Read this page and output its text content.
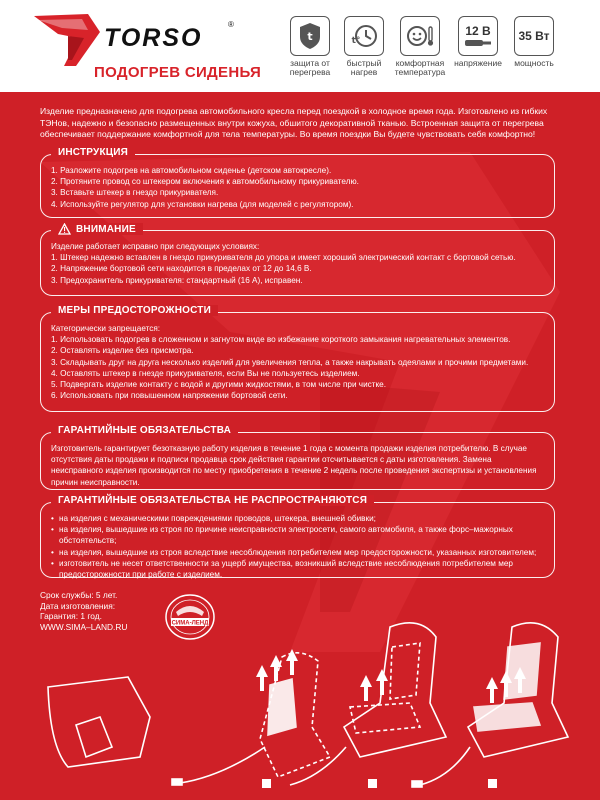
TORSO	®
ПОДОГРЕВ СИДЕНЬЯ
t
защита от перегрева
t°
быстрый нагрев
комфортная температура
12 В
напряжение
35 Вт
мощность
Изделие предназначено для подогрева автомобильного кресла перед поездкой в холодное время года. Изготовлено из гибких ТЭНов, надежно и безопасно размещенных внутри кожуха, обшитого декоративной тканью. Встроенная защита от перегрева обеспечивает поддержание комфортной для тела температуры. Во время поездки Вы будете чувствовать себя комфортно!
ИНСТРУКЦИЯ

1. Разложите подогрев на автомобильном сиденье (детском автокресле).

2. Протяните провод со штекером включения к автомобильному прикуривателю.

3. Вставьте штекер в гнездо прикуривателя.

4. Используйте регулятор для установки нагрева (для моделей с регулятором).

ВНИМАНИЕ

Изделие работает исправно при следующих условиях:

1. Штекер надежно вставлен в гнездо прикуривателя до упора и имеет хороший электрический контакт с бортовой сетью.

2. Напряжение бортовой сети находится в пределах от 12 до 14,6 В.

3. Предохранитель прикуривателя: стандартный (16 А), исправен.

МЕРЫ ПРЕДОСТОРОЖНОСТИ

Категорически запрещается:

1. Использовать подогрев в сложенном и загнутом виде во избежание короткого замыкания нагревательных элементов.

2. Оставлять изделие без присмотра.

3. Складывать друг на друга несколько изделий для увеличения тепла, а также накрывать одеялами и прочими предметами.

4. Оставлять штекер в гнезде прикуривателя, если Вы не пользуетесь изделием.

5. Подвергать изделие контакту с водой и другими жидкостями, в том числе при чистке.

6. Использовать при повышенном напряжении бортовой сети.

ГАРАНТИЙНЫЕ ОБЯЗАТЕЛЬСТВА

Изготовитель гарантирует безотказную работу изделия в течение 1 года с момента продажи изделия потребителю. В случае отсутствия даты продажи и подписи продавца срок действия гарантии отсчитывается с даты изготовления. Замена неисправного изделия производится по месту приобретения в течение 2 недель после проведения экспертизы и установления причин неисправности.

ГАРАНТИЙНЫЕ ОБЯЗАТЕЛЬСТВА НЕ РАСПРОСТРАНЯЮТСЯ
• на изделия с механическими повреждениями проводов, штекера, внешней обивки;
• на изделия, вышедшие из строя по причине неисправности электросети, самого автомобиля, а также форс–мажорных обстоятельств;
• на изделия, вышедшие из строя вследствие несоблюдения потребителем мер предосторожности, указанных изготовителем;
• изготовитель не несет ответственности за ущерб имущества, возникший вследствие несоблюдения потребителем мер предосторожности при работе с изделием.
Срок службы: 5 лет.
Дата изготовления:
Гарантия: 1 год.
WWW.SIMA–LAND.RU	СИМА-ЛЕНД
